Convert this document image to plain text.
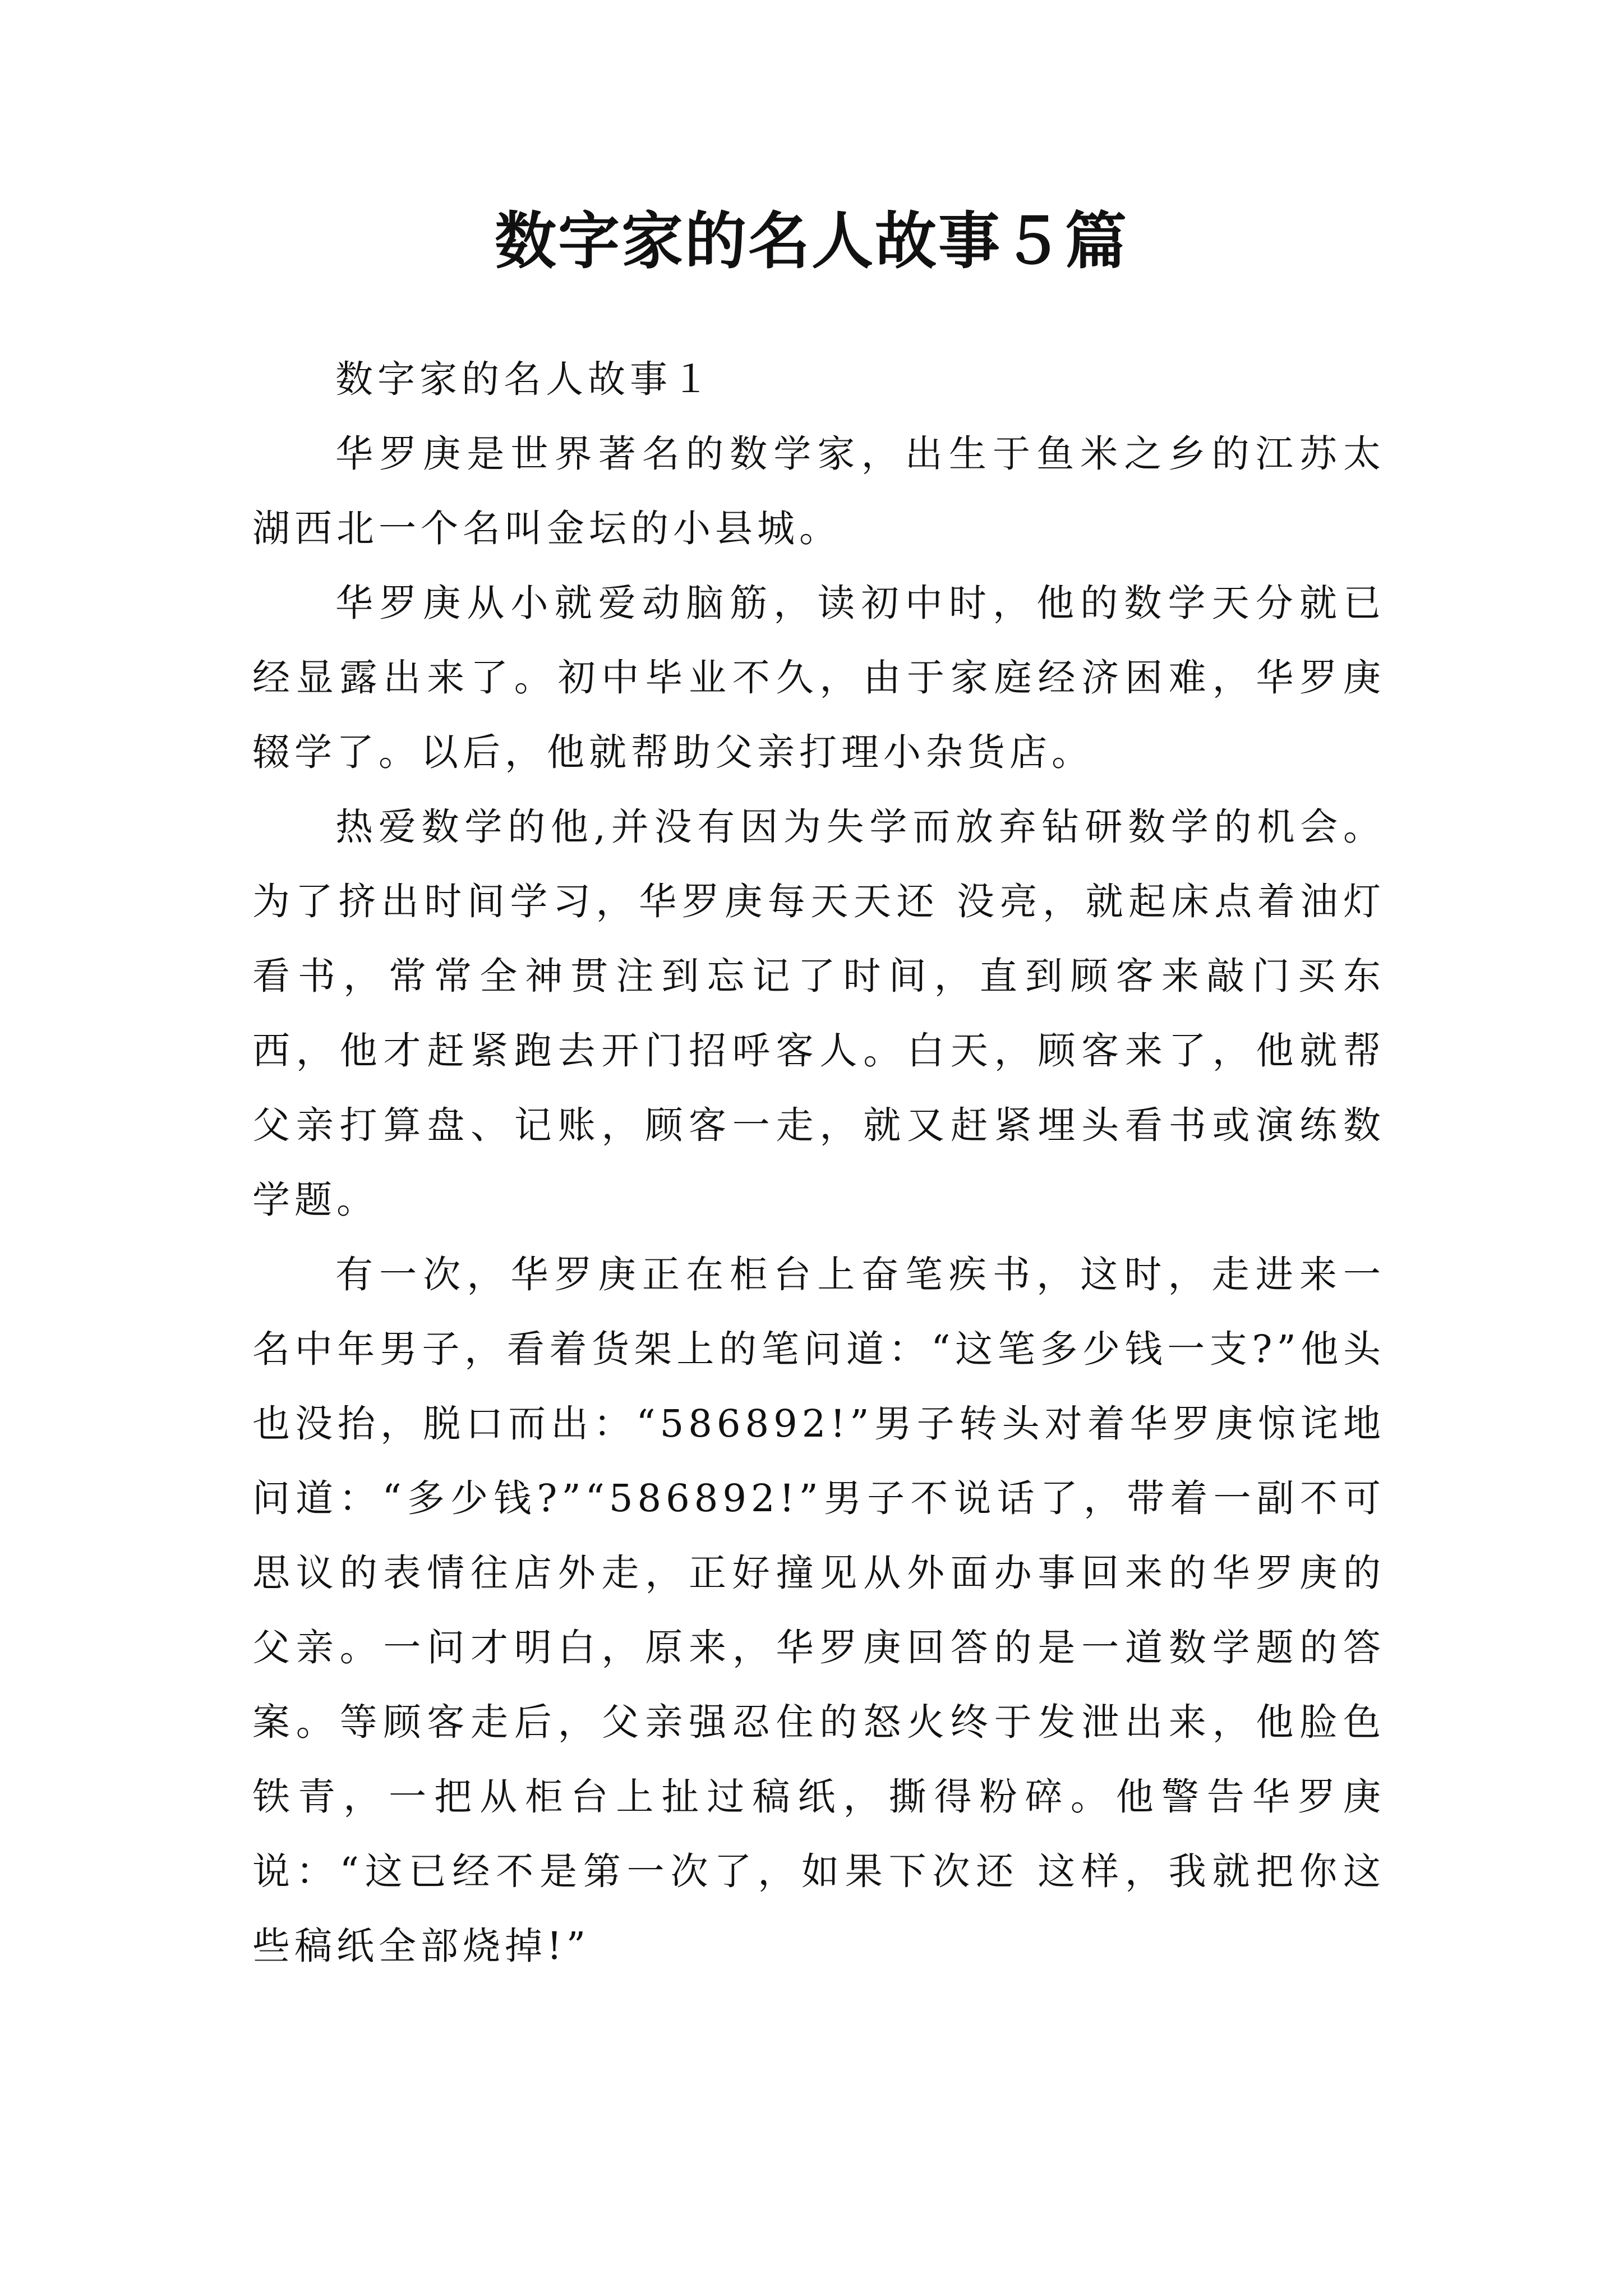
数字家的名人故事５篇

数字家的名人故事１

华罗庚是世界著名的数学家，出生于鱼米之乡的江苏太湖西北一个名叫金坛的小县城。

华罗庚从小就爱动脑筋，读初中时，他的数学天分就已经显露出来了。初中毕业不久，由于家庭经济困难，华罗庚辍学了。以后，他就帮助父亲打理小杂货店。

热爱数学的他,并没有因为失学而放弃钻研数学的机会。为了挤出时间学习，华罗庚每天天还 没亮，就起床点着油灯看书，常常全神贯注到忘记了时间，直到顾客来敲门买东西，他才赶紧跑去开门招呼客人。白天，顾客来了，他就帮父亲打算盘、记账，顾客一走，就又赶紧埋头看书或演练数学题。

有一次，华罗庚正在柜台上奋笔疾书，这时，走进来一名中年男子，看着货架上的笔问道：“这笔多少钱一支?”他头也没抬，脱口而出：“586892!”男子转头对着华罗庚惊诧地问道：“多少钱?”“586892!”男子不说话了，带着一副不可思议的表情往店外走，正好撞见从外面办事回来的华罗庚的父亲。一问才明白，原来，华罗庚回答的是一道数学题的答案。等顾客走后，父亲强忍住的怒火终于发泄出来，他脸色铁青，一把从柜台上扯过稿纸，撕得粉碎。他警告华罗庚说：“这已经不是第一次了，如果下次还 这样，我就把你这些稿纸全部烧掉!”
